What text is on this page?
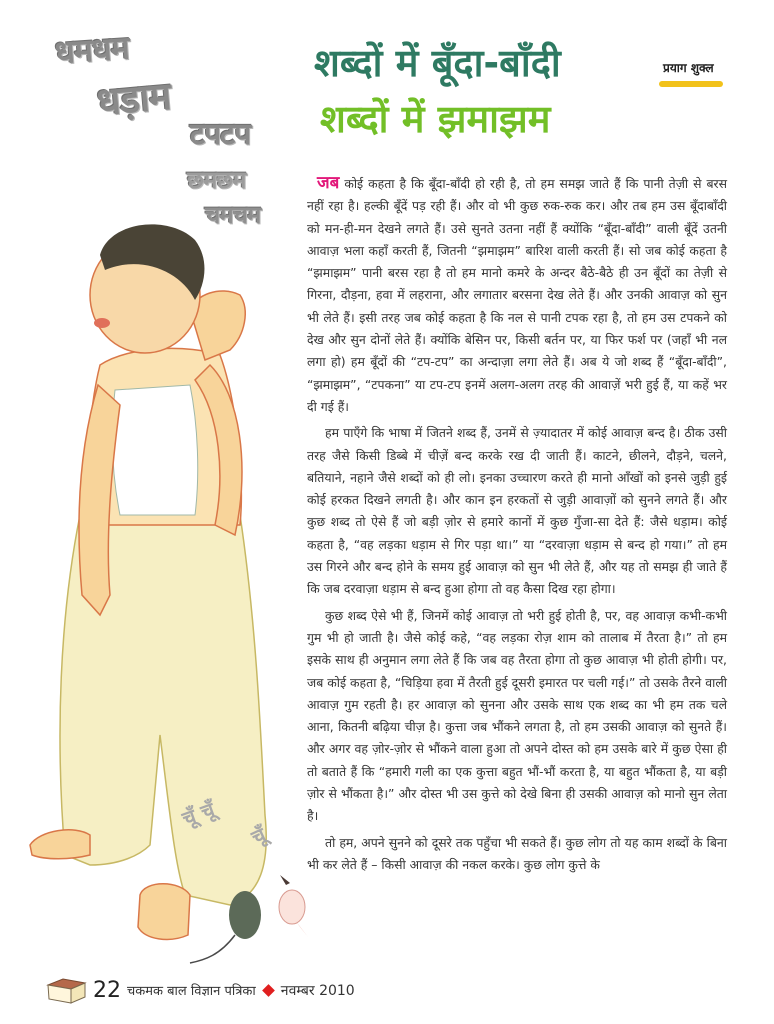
धमधम
धड़ाम
टपटप
छमछम
चमचम
शब्दों में बूँदा-बाँदी
शब्दों में झमाझम
प्रयाग शुक्ल
चूँ चूँ
चूँ

जब कोई कहता है कि बूँदा-बाँदी हो रही है, तो हम समझ जाते हैं कि पानी तेज़ी से बरस नहीं रहा है। हल्की बूँदें पड़ रही हैं। और वो भी कुछ रुक-रुक कर। और तब हम उस बूँदाबाँदी को मन-ही-मन देखने लगते हैं। उसे सुनते उतना नहीं हैं क्योंकि “बूँदा-बाँदी” वाली बूँदें उतनी आवाज़ भला कहाँ करती हैं, जितनी “झमाझम” बारिश वाली करती हैं। सो जब कोई कहता है “झमाझम” पानी बरस रहा है तो हम मानो कमरे के अन्दर बैठे-बैठे ही उन बूँदों का तेज़ी से गिरना, दौड़ना, हवा में लहराना, और लगातार बरसना देख लेते हैं। और उनकी आवाज़ को सुन भी लेते हैं। इसी तरह जब कोई कहता है कि नल से पानी टपक रहा है, तो हम उस टपकने को देख और सुन दोनों लेते हैं। क्योंकि बेसिन पर, किसी बर्तन पर, या फिर फर्श पर (जहाँ भी नल लगा हो) हम बूँदों की “टप-टप” का अन्दाज़ा लगा लेते हैं। अब ये जो शब्द हैं “बूँदा-बाँदी”, “झमाझम”, “टपकना” या टप-टप इनमें अलग-अलग तरह की आवाज़ें भरी हुई हैं, या कहें भर दी गई हैं।

हम पाएँगे कि भाषा में जितने शब्द हैं, उनमें से ज़्यादातर में कोई आवाज़ बन्द है। ठीक उसी तरह जैसे किसी डिब्बे में चीज़ें बन्द करके रख दी जाती हैं। काटने, छीलने, दौड़ने, चलने, बतियाने, नहाने जैसे शब्दों को ही लो। इनका उच्चारण करते ही मानो आँखों को इनसे जुड़ी हुई कोई हरकत दिखने लगती है। और कान इन हरकतों से जुड़ी आवाज़ों को सुनने लगते हैं। और कुछ शब्द तो ऐसे हैं जो बड़ी ज़ोर से हमारे कानों में कुछ गुँजा-सा देते हैं: जैसे धड़ाम। कोई कहता है, “वह लड़का धड़ाम से गिर पड़ा था।” या “दरवाज़ा धड़ाम से बन्द हो गया।” तो हम उस गिरने और बन्द होने के समय हुई आवाज़ को सुन भी लेते हैं, और यह तो समझ ही जाते हैं कि जब दरवाज़ा धड़ाम से बन्द हुआ होगा तो वह कैसा दिख रहा होगा।

कुछ शब्द ऐसे भी हैं, जिनमें कोई आवाज़ तो भरी हुई होती है, पर, वह आवाज़ कभी-कभी गुम भी हो जाती है। जैसे कोई कहे, “वह लड़का रोज़ शाम को तालाब में तैरता है।” तो हम इसके साथ ही अनुमान लगा लेते हैं कि जब वह तैरता होगा तो कुछ आवाज़ भी होती होगी। पर, जब कोई कहता है, “चिड़िया हवा में तैरती हुई दूसरी इमारत पर चली गई।” तो उसके तैरने वाली आवाज़ गुम रहती है। हर आवाज़ को सुनना और उसके साथ एक शब्द का भी हम तक चले आना, कितनी बढ़िया चीज़ है। कुत्ता जब भौंकने लगता है, तो हम उसकी आवाज़ को सुनते हैं। और अगर वह ज़ोर-ज़ोर से भौंकने वाला हुआ तो अपने दोस्त को हम उसके बारे में कुछ ऐसा ही तो बताते हैं कि “हमारी गली का एक कुत्ता बहुत भौं-भौं करता है, या बहुत भौंकता है, या बड़ी ज़ोर से भौंकता है।” और दोस्त भी उस कुत्ते को देखे बिना ही उसकी आवाज़ को मानो सुन लेता है।

तो हम, अपने सुनने को दूसरे तक पहुँचा भी सकते हैं। कुछ लोग तो यह काम शब्दों के बिना भी कर लेते हैं – किसी आवाज़ की नकल करके। कुछ लोग कुत्ते के

22 चकमक बाल विज्ञान पत्रिका नवम्बर 2010
